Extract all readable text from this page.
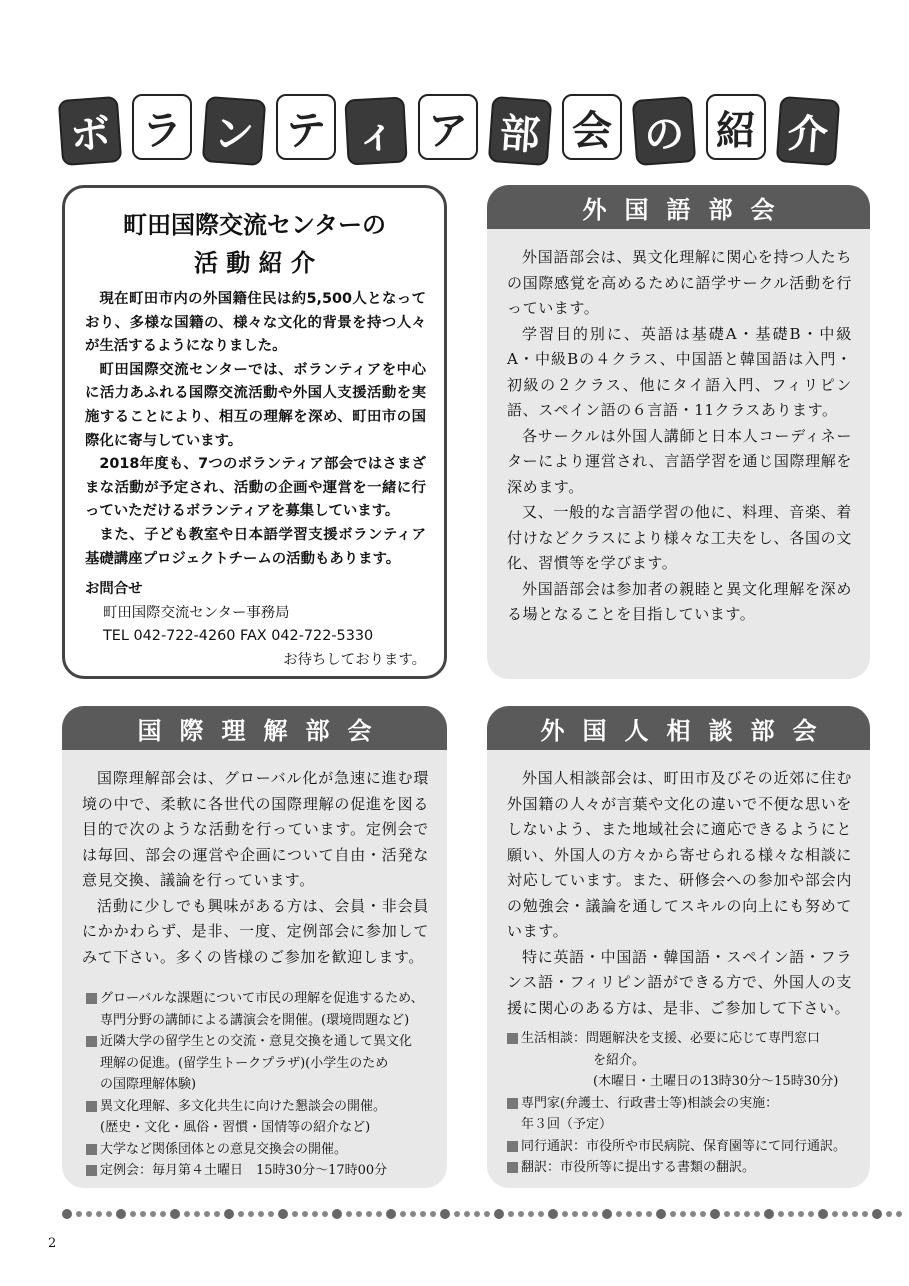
ボ ラ ン テ ィ ア 部 会 の 紹 介
町田国際交流センターの
活 動 紹 介

現在町田市内の外国籍住民は約5,500人となっており、多様な国籍の、様々な文化的背景を持つ人々が生活するようになりました。

町田国際交流センターでは、ボランティアを中心に活力あふれる国際交流活動や外国人支援活動を実施することにより、相互の理解を深め、町田市の国際化に寄与しています。

2018年度も、7つのボランティア部会ではさまざまな活動が予定され、活動の企画や運営を一緒に行っていただけるボランティアを募集しています。

また、子ども教室や日本語学習支援ボランティア基礎講座プロジェクトチームの活動もあります。

お問合せ
町田国際交流センター事務局
TEL 042-722-4260 FAX 042-722-5330
お待ちしております。
外国語部会

外国語部会は、異文化理解に関心を持つ人たちの国際感覚を高めるために語学サークル活動を行っています。

学習目的別に、英語は基礎A・基礎B・中級A・中級Bの４クラス、中国語と韓国語は入門・初級の２クラス、他にタイ語入門、フィリピン語、スペイン語の６言語・11クラスあります。

各サークルは外国人講師と日本人コーディネーターにより運営され、言語学習を通じ国際理解を深めます。

又、一般的な言語学習の他に、料理、音楽、着付けなどクラスにより様々な工夫をし、各国の文化、習慣等を学びます。

外国語部会は参加者の親睦と異文化理解を深める場となることを目指しています。

国際理解部会

国際理解部会は、グローバル化が急速に進む環境の中で、柔軟に各世代の国際理解の促進を図る目的で次のような活動を行っています。定例会では毎回、部会の運営や企画について自由・活発な意見交換、議論を行っています。

活動に少しでも興味がある方は、会員・非会員にかかわらず、是非、一度、定例部会に参加してみて下さい。多くの皆様のご参加を歓迎します。

グローバルな課題について市民の理解を促進するため、
専門分野の講師による講演会を開催。(環境問題など)
近隣大学の留学生との交流・意見交換を通して異文化
理解の促進。(留学生トークプラザ)(小学生のため
の国際理解体験)
異文化理解、多文化共生に向けた懇談会の開催。
(歴史・文化・風俗・習慣・国情等の紹介など)
大学など関係団体との意見交換会の開催。
定例会：毎月第４土曜日　15時30分～17時00分
外国人相談部会

外国人相談部会は、町田市及びその近郊に住む外国籍の人々が言葉や文化の違いで不便な思いをしないよう、また地域社会に適応できるようにと願い、外国人の方々から寄せられる様々な相談に対応しています。また、研修会への参加や部会内の勉強会・議論を通してスキルの向上にも努めています。

特に英語・中国語・韓国語・スペイン語・フランス語・フィリピン語ができる方で、外国人の支援に関心のある方は、是非、ご参加して下さい。

生活相談：問題解決を支援、必要に応じて専門窓口
を紹介。
(木曜日・土曜日の13時30分～15時30分)
専門家(弁護士、行政書士等)相談会の実施：
年３回（予定）
同行通訳：市役所や市民病院、保育園等にて同行通訳。
翻訳：市役所等に提出する書類の翻訳。
2
